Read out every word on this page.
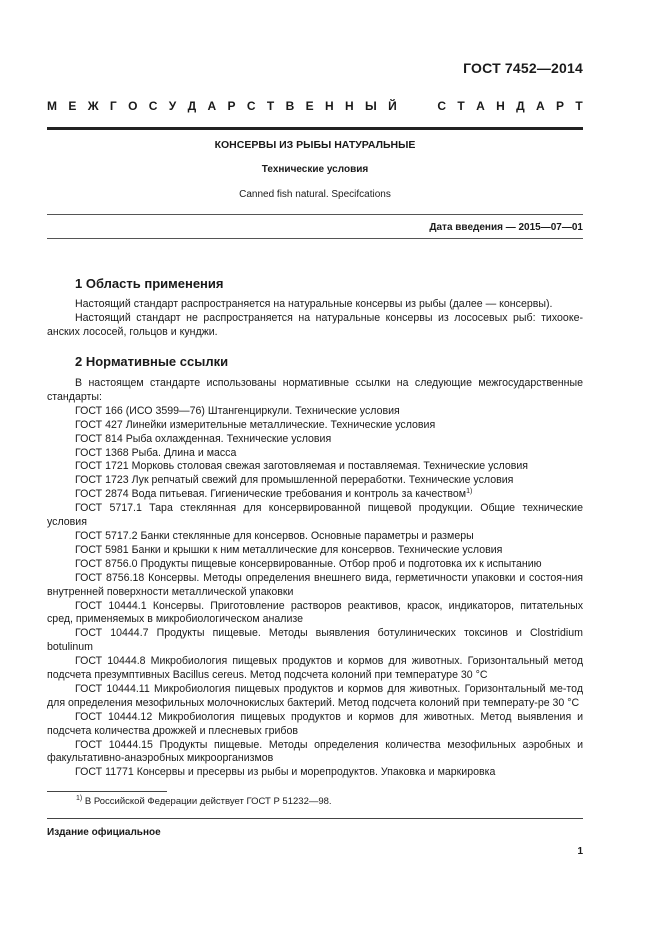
ГОСТ 7452—2014
М Е Ж Г О С У Д А Р С Т В Е Н Н Ы Й	С Т А Н Д А Р Т
КОНСЕРВЫ ИЗ РЫБЫ НАТУРАЛЬНЫЕ
Технические условия
Canned fish natural. Specifcations
Дата введения — 2015—07—01
1 Область применения

Настоящий стандарт распространяется на натуральные консервы из рыбы (далее — консервы).

Настоящий стандарт не распространяется на натуральные консервы из лососевых рыб: тихооке-анских лососей, гольцов и кунджи.

2 Нормативные ссылки

В настоящем стандарте использованы нормативные ссылки на следующие межгосударственные стандарты:

ГОСТ 166 (ИСО 3599—76) Штангенциркули. Технические условия

ГОСТ 427 Линейки измерительные металлические. Технические условия

ГОСТ 814 Рыба охлажденная. Технические условия

ГОСТ 1368 Рыба. Длина и масса

ГОСТ 1721 Морковь столовая свежая заготовляемая и поставляемая. Технические условия

ГОСТ 1723 Лук репчатый свежий для промышленной переработки. Технические условия

ГОСТ 2874 Вода питьевая. Гигиенические требования и контроль за качеством$^{1)}$

ГОСТ 5717.1 Тара стеклянная для консервированной пищевой продукции. Общие технические условия

ГОСТ 5717.2 Банки стеклянные для консервов. Основные параметры и размеры

ГОСТ 5981 Банки и крышки к ним металлические для консервов. Технические условия

ГОСТ 8756.0 Продукты пищевые консервированные. Отбор проб и подготовка их к испытанию

ГОСТ 8756.18 Консервы. Методы определения внешнего вида, герметичности упаковки и состоя-ния внутренней поверхности металлической упаковки

ГОСТ 10444.1 Консервы. Приготовление растворов реактивов, красок, индикаторов, питательных сред, применяемых в микробиологическом анализе

ГОСТ 10444.7 Продукты пищевые. Методы выявления ботулинических токсинов и Clostridium botulinum

ГОСТ 10444.8 Микробиология пищевых продуктов и кормов для животных. Горизонтальный метод подсчета презумптивных Bacillus cereus. Метод подсчета колоний при температуре 30 °С

ГОСТ 10444.11 Микробиология пищевых продуктов и кормов для животных. Горизонтальный ме-тод для определения мезофильных молочнокислых бактерий. Метод подсчета колоний при температу-ре 30 °С

ГОСТ 10444.12 Микробиология пищевых продуктов и кормов для животных. Метод выявления и подсчета количества дрожжей и плесневых грибов

ГОСТ 10444.15 Продукты пищевые. Методы определения количества мезофильных аэробных и факультативно-анаэробных микроорганизмов

ГОСТ 11771 Консервы и пресервы из рыбы и морепродуктов. Упаковка и маркировка

$^{1)}$ В Российской Федерации действует ГОСТ Р 51232—98.
Издание официальное
1
